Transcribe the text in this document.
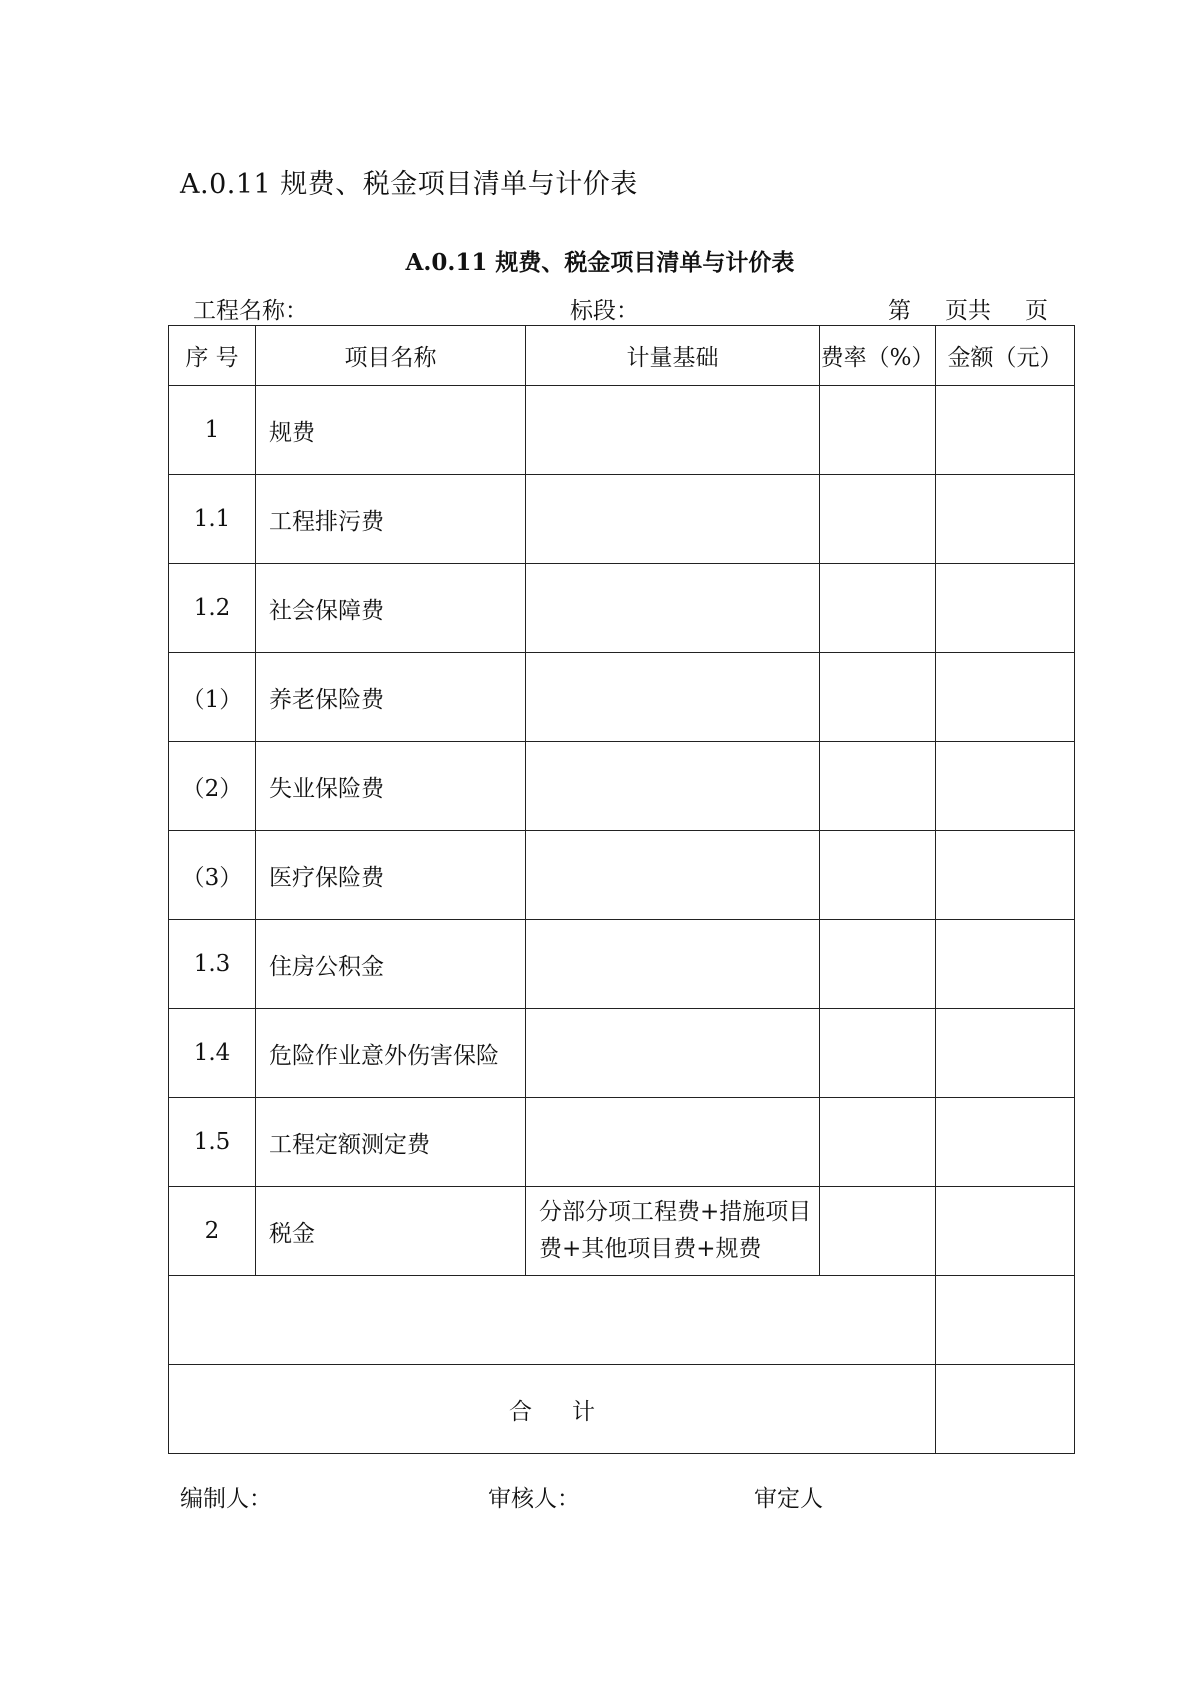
A.0.11 规费、税金项目清单与计价表
A.0.11 规费、税金项目清单与计价表
工程名称：	标段：	第 页共 页
序 号	项目名称	计量基础	费率（%）	金额（元）
1	规费			
1.1	工程排污费			
1.2	社会保障费			
（1）	养老保险费			
（2）	失业保险费			
（3）	医疗保险费			
1.3	住房公积金			
1.4	危险作业意外伤害保险			
1.5	工程定额测定费			
2	税金	分部分项工程费+措施项目费+其他项目费+规费		

合计				
编制人：	审核人：	审定人
